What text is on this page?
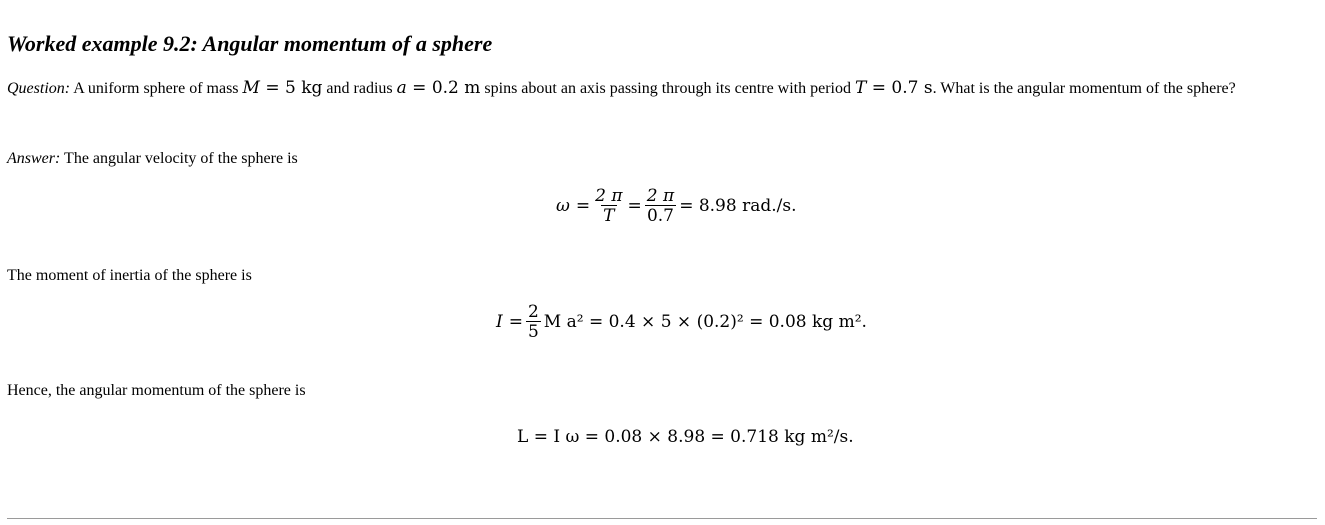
Worked example 9.2: Angular momentum of a sphere
Question: A uniform sphere of mass M = 5 kg and radius a = 0.2 m spins about an axis passing through its centre with period T = 0.7 s. What is the angular momentum of the sphere?
Answer: The angular velocity of the sphere is
$\omega = \frac{2 \pi}{T} = \frac{2 \pi}{0.7} = 8.98$ rad./s.
The moment of inertia of the sphere is
$I = \frac{2}{5}$ M a² = 0.4 × 5 × (0.2)² = 0.08 kg m².
Hence, the angular momentum of the sphere is
L = I ω = 0.08 × 8.98 = 0.718 kg m²/s.
